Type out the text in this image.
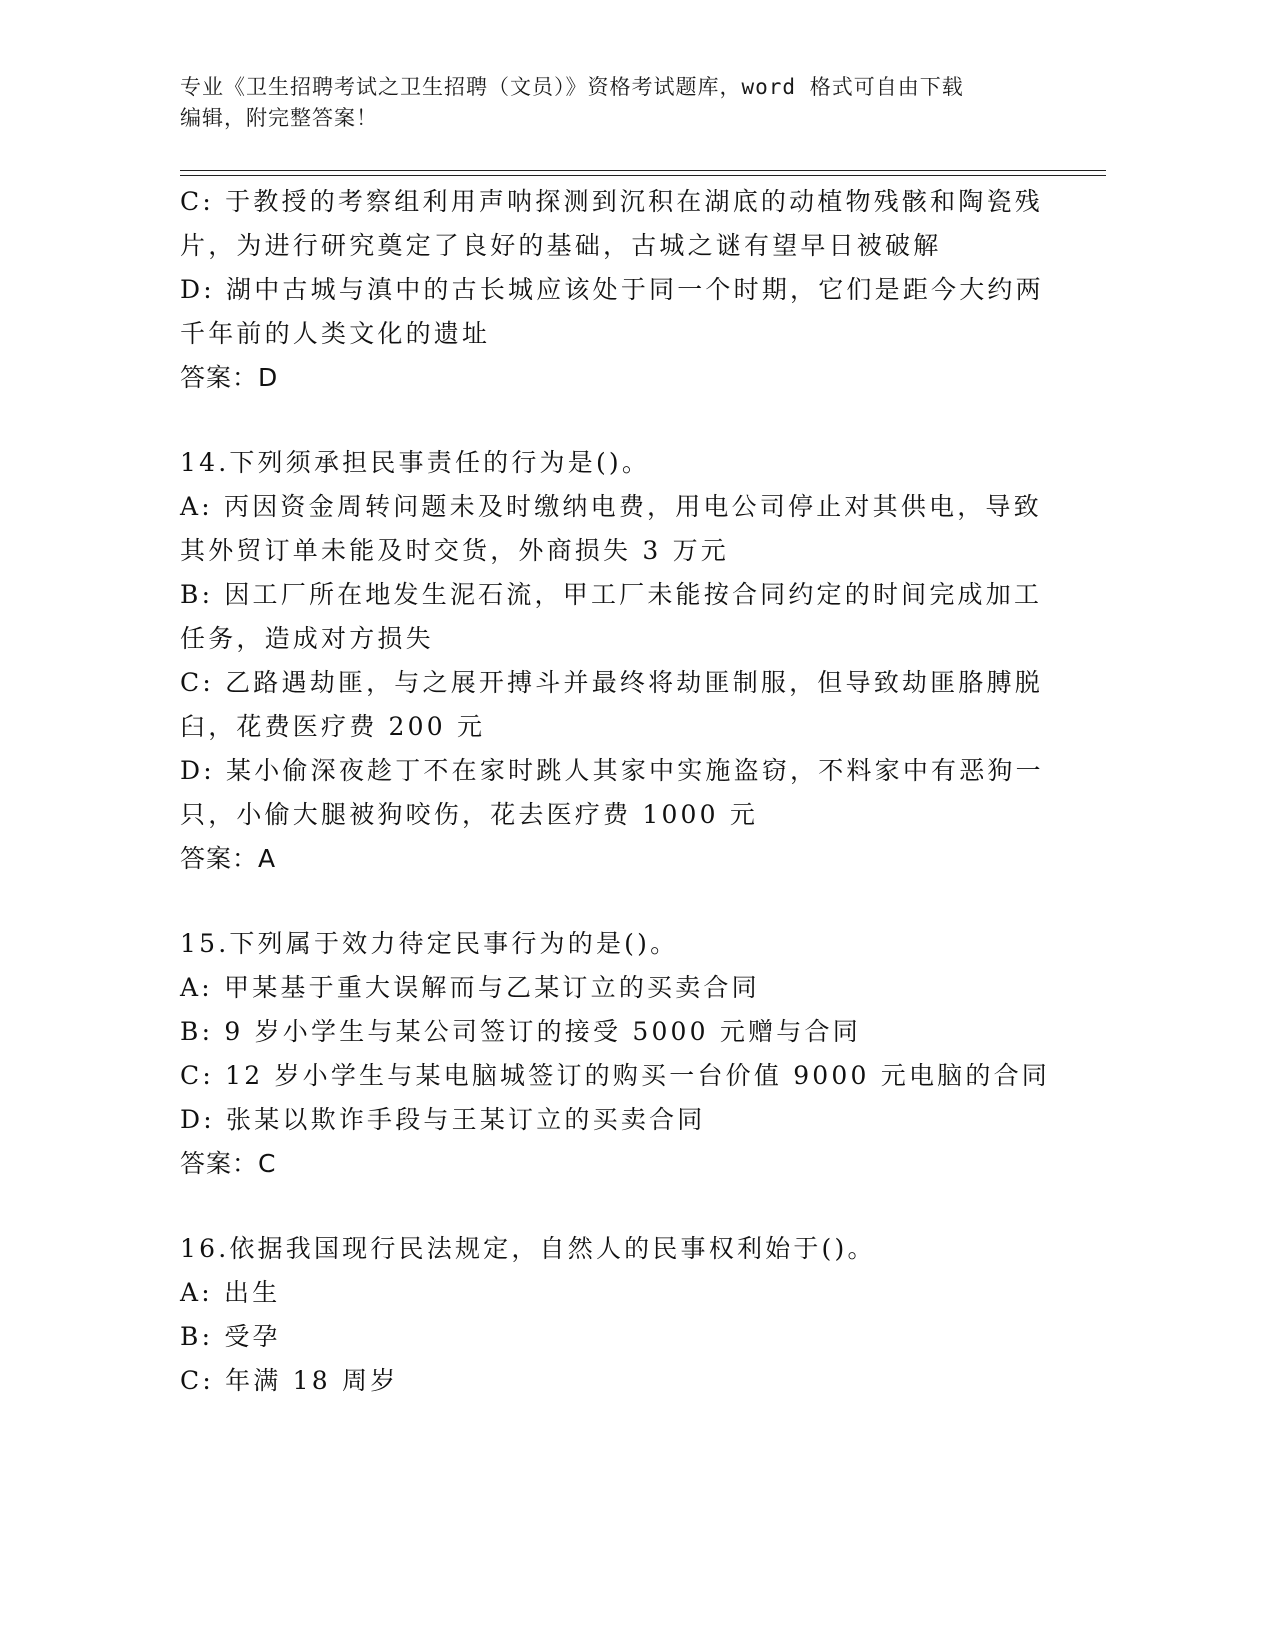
专业《卫生招聘考试之卫生招聘（文员）》资格考试题库，word 格式可自由下载
编辑，附完整答案！
C: 于教授的考察组利用声呐探测到沉积在湖底的动植物残骸和陶瓷残
片，为进行研究奠定了良好的基础，古城之谜有望早日被破解
D: 湖中古城与滇中的古长城应该处于同一个时期，它们是距今大约两
千年前的人类文化的遗址
答案：D
14.下列须承担民事责任的行为是()。
A: 丙因资金周转问题未及时缴纳电费，用电公司停止对其供电，导致
其外贸订单未能及时交货，外商损失 3 万元
B: 因工厂所在地发生泥石流，甲工厂未能按合同约定的时间完成加工
任务，造成对方损失
C: 乙路遇劫匪，与之展开搏斗并最终将劫匪制服，但导致劫匪胳膊脱
臼，花费医疗费 200 元
D: 某小偷深夜趁丁不在家时跳人其家中实施盗窃，不料家中有恶狗一
只，小偷大腿被狗咬伤，花去医疗费 1000 元
答案：A
15.下列属于效力待定民事行为的是()。
A: 甲某基于重大误解而与乙某订立的买卖合同
B: 9 岁小学生与某公司签订的接受 5000 元赠与合同
C: 12 岁小学生与某电脑城签订的购买一台价值 9000 元电脑的合同
D: 张某以欺诈手段与王某订立的买卖合同
答案：C
16.依据我国现行民法规定，自然人的民事权利始于()。
A: 出生
B: 受孕
C: 年满 18 周岁
